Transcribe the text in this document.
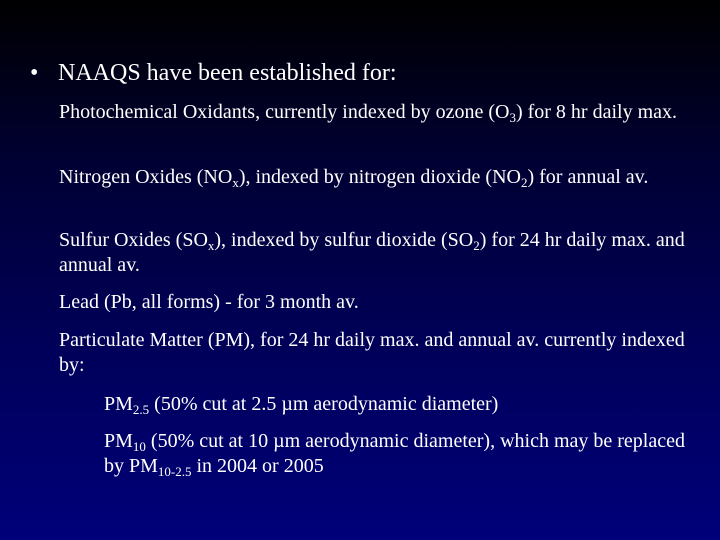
• NAAQS have been established for:
Photochemical Oxidants, currently indexed by ozone $(O_3)$ for 8 hr daily max.
Nitrogen Oxides $(NO_x)$, indexed by nitrogen dioxide $(NO_2)$ for annual av.
Sulfur Oxides $(SO_x)$, indexed by sulfur dioxide $(SO_2)$ for 24 hr daily max. and annual av.
Lead (Pb, all forms) - for 3 month av.
Particulate Matter (PM), for 24 hr daily max. and annual av. currently indexed by:
$PM_{2.5}$ (50% cut at 2.5 µm aerodynamic diameter)
$PM_{10}$ (50% cut at 10 µm aerodynamic diameter), which may be replaced by $PM_{10-2.5}$ in 2004 or 2005
